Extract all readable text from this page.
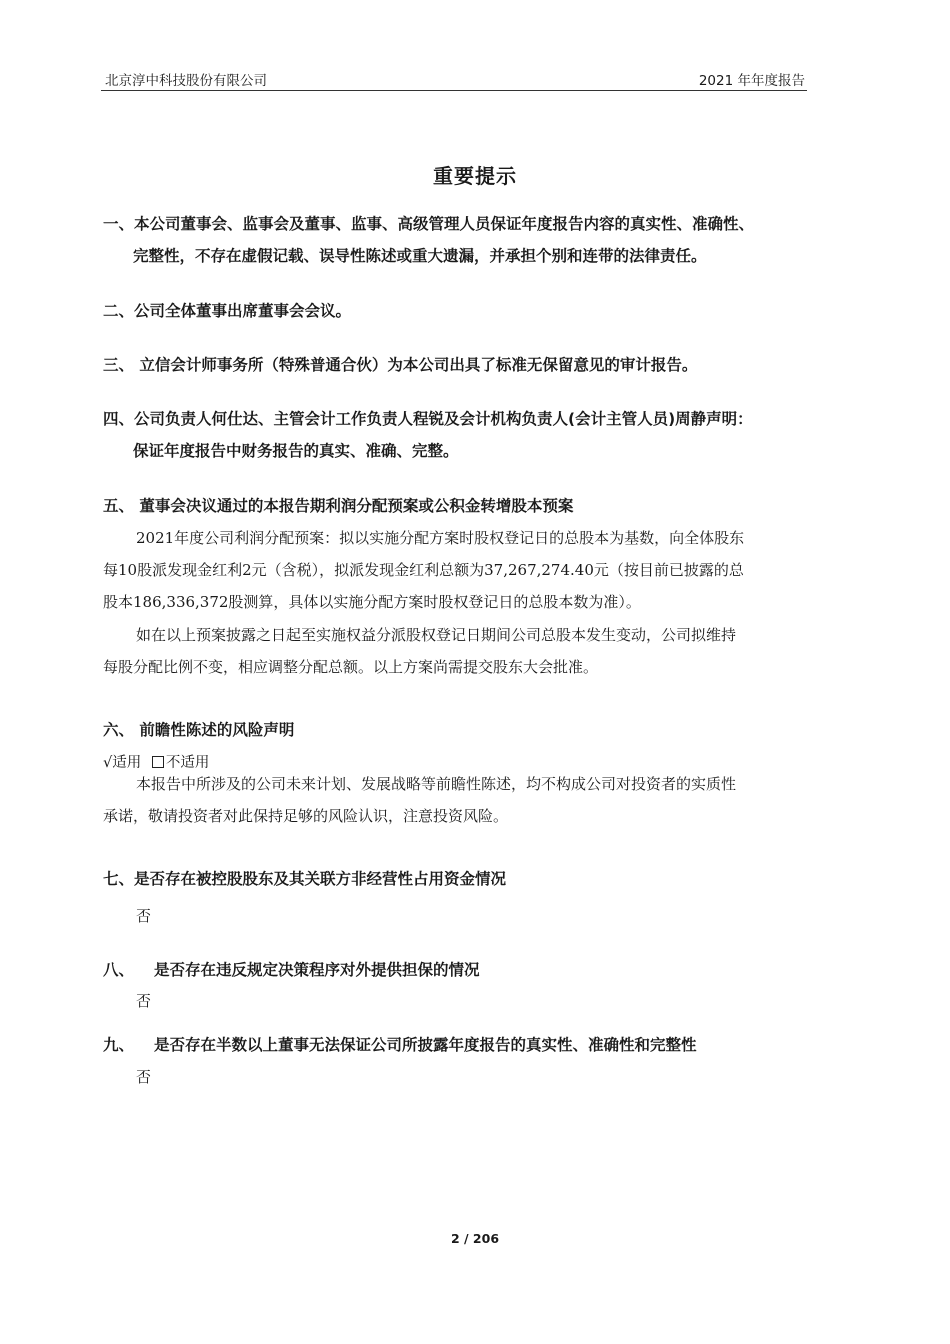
北京淳中科技股份有限公司	2021 年年度报告
重要提示
一、本公司董事会、监事会及董事、监事、高级管理人员保证年度报告内容的真实性、准确性、
完整性，不存在虚假记载、误导性陈述或重大遗漏，并承担个别和连带的法律责任。
二、公司全体董事出席董事会会议。
三、 立信会计师事务所（特殊普通合伙）为本公司出具了标准无保留意见的审计报告。
四、公司负责人何仕达、主管会计工作负责人程锐及会计机构负责人(会计主管人员)周静声明：
保证年度报告中财务报告的真实、准确、完整。
五、 董事会决议通过的本报告期利润分配预案或公积金转增股本预案
2021年度公司利润分配预案：拟以实施分配方案时股权登记日的总股本为基数，向全体股东
每10股派发现金红利2元（含税），拟派发现金红利总额为37,267,274.40元（按目前已披露的总
股本186,336,372股测算，具体以实施分配方案时股权登记日的总股本数为准）。
如在以上预案披露之日起至实施权益分派股权登记日期间公司总股本发生变动，公司拟维持
每股分配比例不变，相应调整分配总额。以上方案尚需提交股东大会批准。
六、 前瞻性陈述的风险声明
√适用 不适用
本报告中所涉及的公司未来计划、发展战略等前瞻性陈述，均不构成公司对投资者的实质性
承诺，敬请投资者对此保持足够的风险认识，注意投资风险。
七、是否存在被控股股东及其关联方非经营性占用资金情况
否
八、 是否存在违反规定决策程序对外提供担保的情况
否
九、 是否存在半数以上董事无法保证公司所披露年度报告的真实性、准确性和完整性
否
2 / 206
